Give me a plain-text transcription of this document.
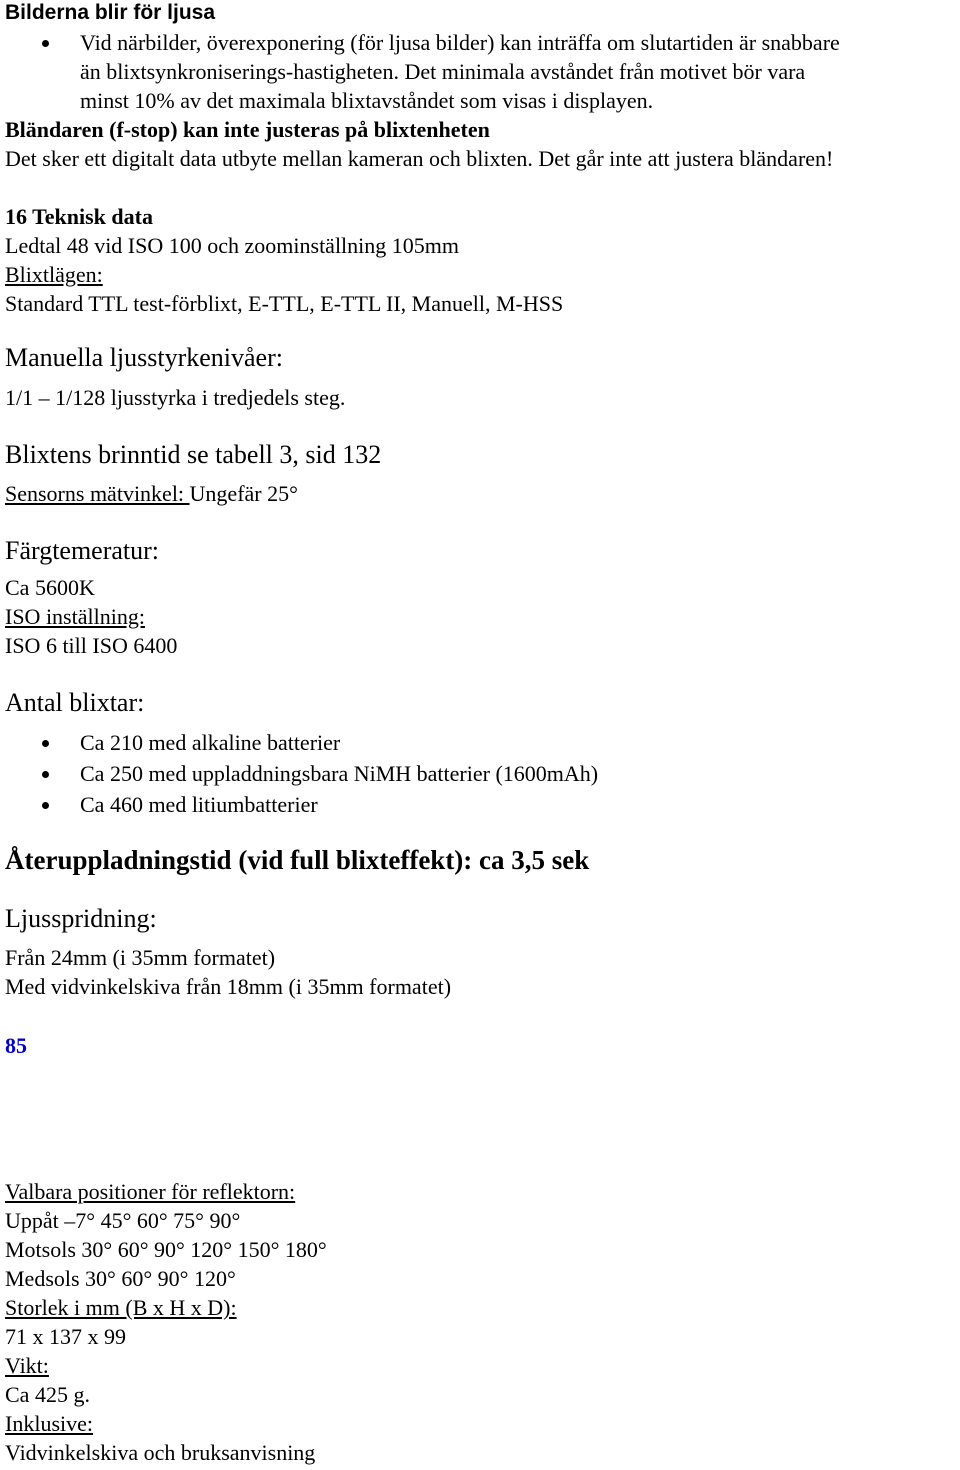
Bilderna blir för ljusa
Vid närbilder, överexponering (för ljusa bilder) kan inträffa om slutartiden är snabbare
än blixtsynkroniserings-hastigheten. Det minimala avståndet från motivet bör vara
minst 10% av det maximala blixtavståndet som visas i displayen.
Bländaren (f-stop) kan inte justeras på blixtenheten
Det sker ett digitalt data utbyte mellan kameran och blixten. Det går inte att justera bländaren!
16 Teknisk data
Ledtal 48 vid ISO 100 och zoominställning 105mm
Blixtlägen:
Standard TTL test-förblixt, E-TTL, E-TTL II, Manuell, M-HSS
Manuella ljusstyrkenivåer:
1/1 – 1/128 ljusstyrka i tredjedels steg.
Blixtens brinntid se tabell 3, sid 132
Sensorns mätvinkel: Ungefär 25°
Färgtemeratur:
Ca 5600K
ISO inställning:
ISO 6 till ISO 6400
Antal blixtar:
Ca 210 med alkaline batterier
Ca 250 med uppladdningsbara NiMH batterier (1600mAh)
Ca 460 med litiumbatterier
Återuppladningstid (vid full blixteffekt): ca 3,5 sek
Ljusspridning:
Från 24mm (i 35mm formatet)
Med vidvinkelskiva från 18mm (i 35mm formatet)
85
Valbara positioner för reflektorn:
Uppåt –7° 45° 60° 75° 90°
Motsols 30° 60° 90° 120° 150° 180°
Medsols 30° 60° 90° 120°
Storlek i mm (B x H x D):
71 x 137 x 99
Vikt:
Ca 425 g.
Inklusive:
Vidvinkelskiva och bruksanvisning
